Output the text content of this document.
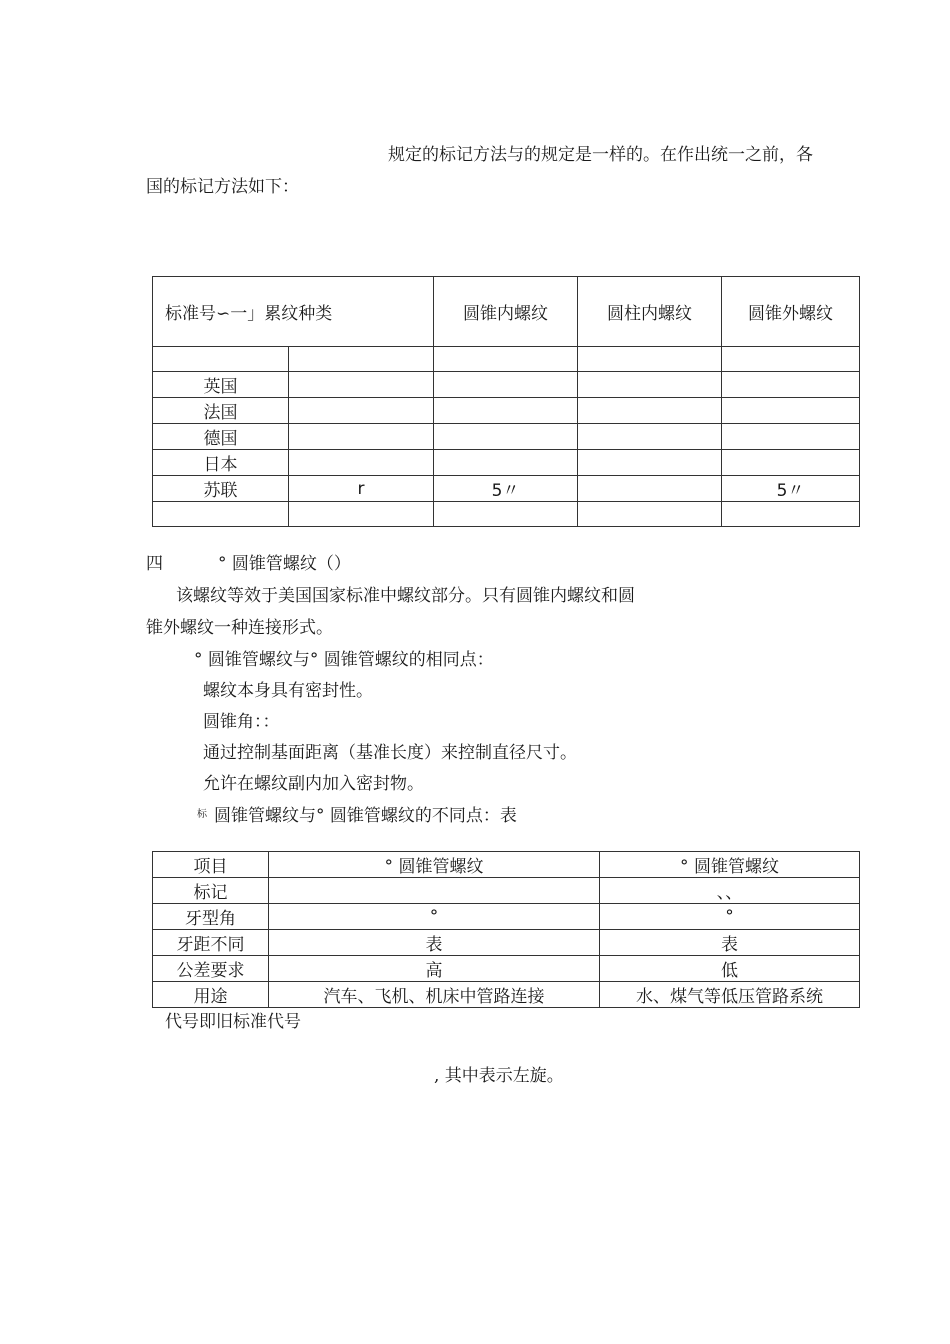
规定的标记方法与的规定是一样的。在作出统一之前，各
国的标记方法如下：
标准号∽一」累纹种类		圆锥内螺纹	圆柱内螺纹	圆锥外螺纹

英国				
法国				
德国				
日本				
苏联	r	5〃		5〃

四	° 圆锥管螺纹（）
该螺纹等效于美国国家标准中螺纹部分。只有圆锥内螺纹和圆
锥外螺纹一种连接形式。
° 圆锥管螺纹与° 圆锥管螺纹的相同点：
螺纹本身具有密封性。
圆锥角：：
通过控制基面距离（基准长度）来控制直径尺寸。
允许在螺纹副内加入密封物。
标 圆锥管螺纹与° 圆锥管螺纹的不同点：表
项目	° 圆锥管螺纹	° 圆锥管螺纹
标记		、、
牙型角	°	°
牙距不同	表	表
公差要求	高	低
用途	汽车、飞机、机床中管路连接	水、煤气等低压管路系统
代号即旧标准代号
, 其中表示左旋。
